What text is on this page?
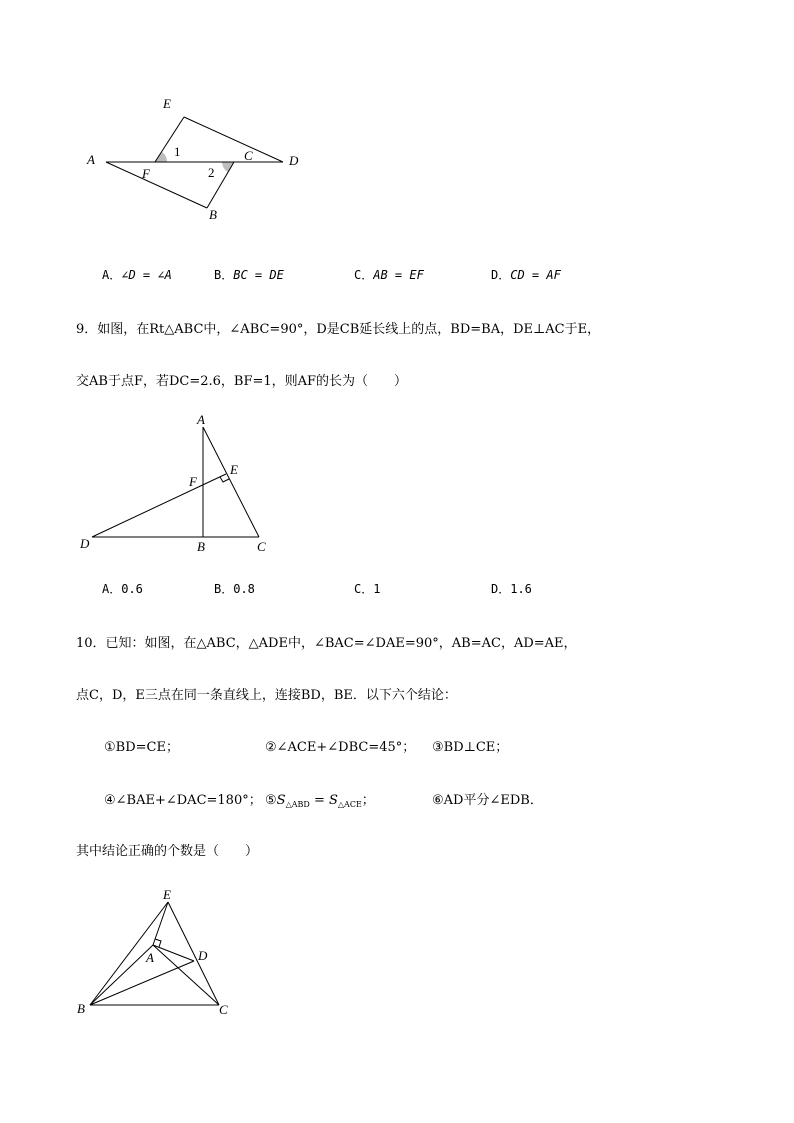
E
A
F
1	C	D
2
B
A．∠D = ∠A	B．BC = DE	C．AB = EF	D．CD = AF
9．如图，在Rt△ABC中，∠ABC=90°，D是CB延长线上的点，BD=BA，DE⊥AC于E，
交AB于点F，若DC=2.6，BF=1，则AF的长为（　　）
A
E
F
D	B	C
A．0.6	B．0.8	C．1	D．1.6
10．已知：如图，在△ABC，△ADE中，∠BAC=∠DAE=90°，AB=AC，AD=AE，
点C，D，E三点在同一条直线上，连接BD，BE．以下六个结论：
①BD=CE；	②∠ACE+∠DBC=45°； ③BD⊥CE；
④∠BAE+∠DAC=180°； $⑤S_{\triangle ABD} = S_{\triangle ACE}$；	⑥AD平分∠EDB．
其中结论正确的个数是（　　）
E
A	D
B	C
